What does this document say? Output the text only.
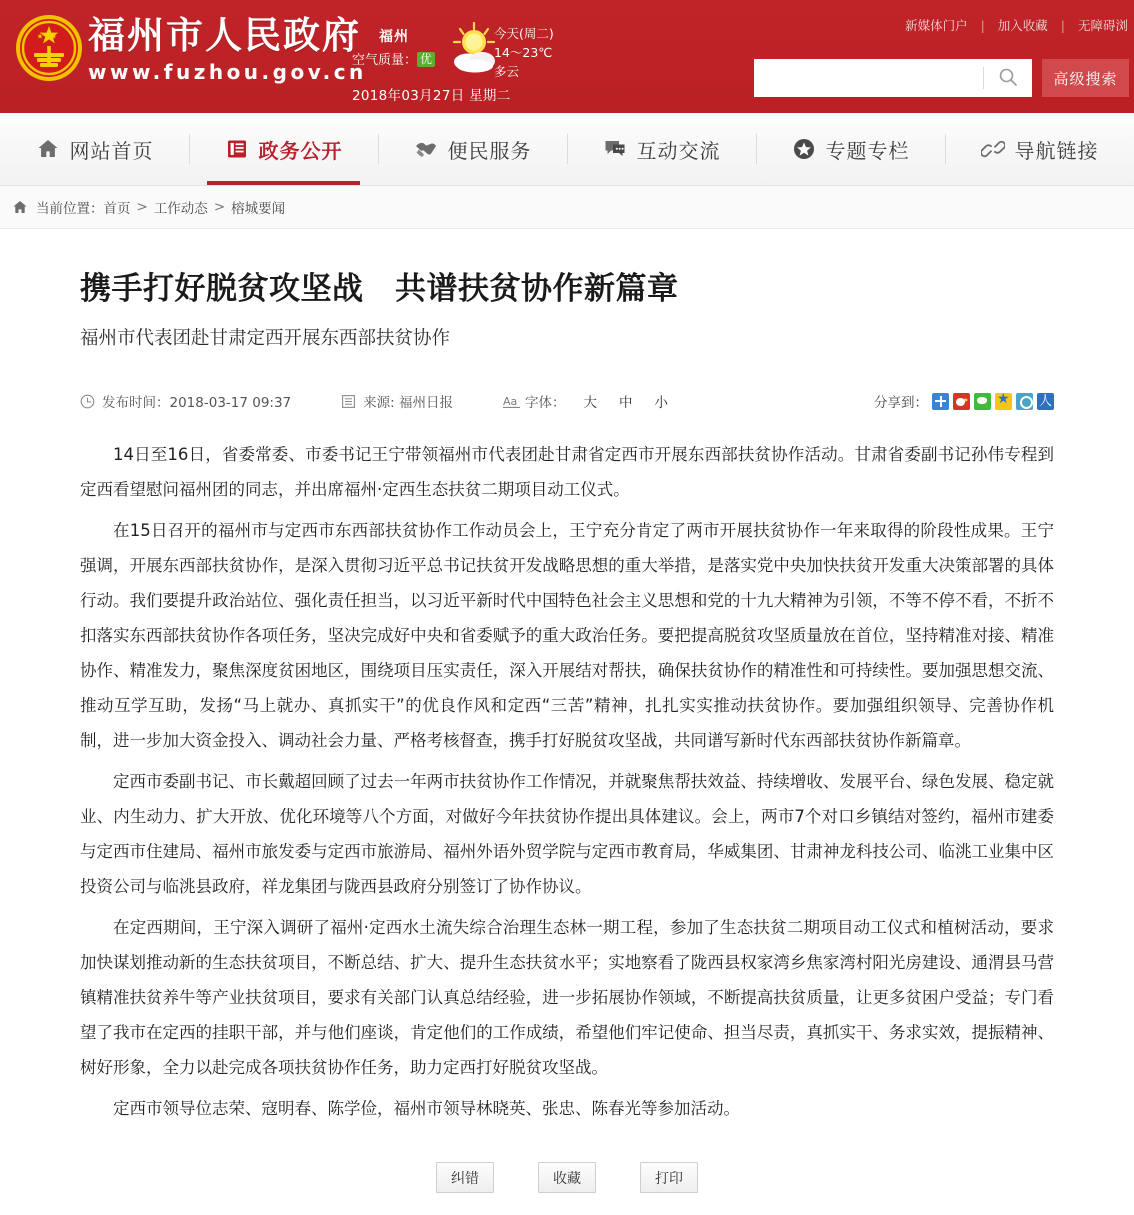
福州市人民政府
www.fuzhou.gov.cn
福州
空气质量： 优
今天(周二)
14～23℃
多云
2018年03月27日 星期二
新媒体门户 | 加入收藏 | 无障碍浏
高级搜索
网站首页	政务公开	便民服务	互动交流	专题专栏	导航链接
当前位置： 首页 > 工作动态 > 榕城要闻
携手打好脱贫攻坚战　共谱扶贫协作新篇章
福州市代表团赴甘肃定西开展东西部扶贫协作
发布时间：2018-03-17 09:37	来源: 福州日报	Aa 字体：	大	中	小	分享到：
★
人

14日至16日，省委常委、市委书记王宁带领福州市代表团赴甘肃省定西市开展东西部扶贫协作活动。甘肃省委副书记孙伟专程到定西看望慰问福州团的同志，并出席福州·定西生态扶贫二期项目动工仪式。

在15日召开的福州市与定西市东西部扶贫协作工作动员会上，王宁充分肯定了两市开展扶贫协作一年来取得的阶段性成果。王宁强调，开展东西部扶贫协作，是深入贯彻习近平总书记扶贫开发战略思想的重大举措，是落实党中央加快扶贫开发重大决策部署的具体行动。我们要提升政治站位、强化责任担当，以习近平新时代中国特色社会主义思想和党的十九大精神为引领，不等不停不看，不折不扣落实东西部扶贫协作各项任务，坚决完成好中央和省委赋予的重大政治任务。要把提高脱贫攻坚质量放在首位，坚持精准对接、精准协作、精准发力，聚焦深度贫困地区，围绕项目压实责任，深入开展结对帮扶，确保扶贫协作的精准性和可持续性。要加强思想交流、推动互学互助，发扬“马上就办、真抓实干”的优良作风和定西“三苦”精神，扎扎实实推动扶贫协作。要加强组织领导、完善协作机制，进一步加大资金投入、调动社会力量、严格考核督查，携手打好脱贫攻坚战，共同谱写新时代东西部扶贫协作新篇章。

定西市委副书记、市长戴超回顾了过去一年两市扶贫协作工作情况，并就聚焦帮扶效益、持续增收、发展平台、绿色发展、稳定就业、内生动力、扩大开放、优化环境等八个方面，对做好今年扶贫协作提出具体建议。会上，两市7个对口乡镇结对签约，福州市建委与定西市住建局、福州市旅发委与定西市旅游局、福州外语外贸学院与定西市教育局，华威集团、甘肃神龙科技公司、临洮工业集中区投资公司与临洮县政府，祥龙集团与陇西县政府分别签订了协作协议。

在定西期间，王宁深入调研了福州·定西水土流失综合治理生态林一期工程，参加了生态扶贫二期项目动工仪式和植树活动，要求加快谋划推动新的生态扶贫项目，不断总结、扩大、提升生态扶贫水平；实地察看了陇西县权家湾乡焦家湾村阳光房建设、通渭县马营镇精准扶贫养牛等产业扶贫项目，要求有关部门认真总结经验，进一步拓展协作领域，不断提高扶贫质量，让更多贫困户受益；专门看望了我市在定西的挂职干部，并与他们座谈，肯定他们的工作成绩，希望他们牢记使命、担当尽责，真抓实干、务求实效，提振精神、树好形象，全力以赴完成各项扶贫协作任务，助力定西打好脱贫攻坚战。

定西市领导位志荣、寇明春、陈学俭，福州市领导林晓英、张忠、陈春光等参加活动。

纠错	收藏	打印
